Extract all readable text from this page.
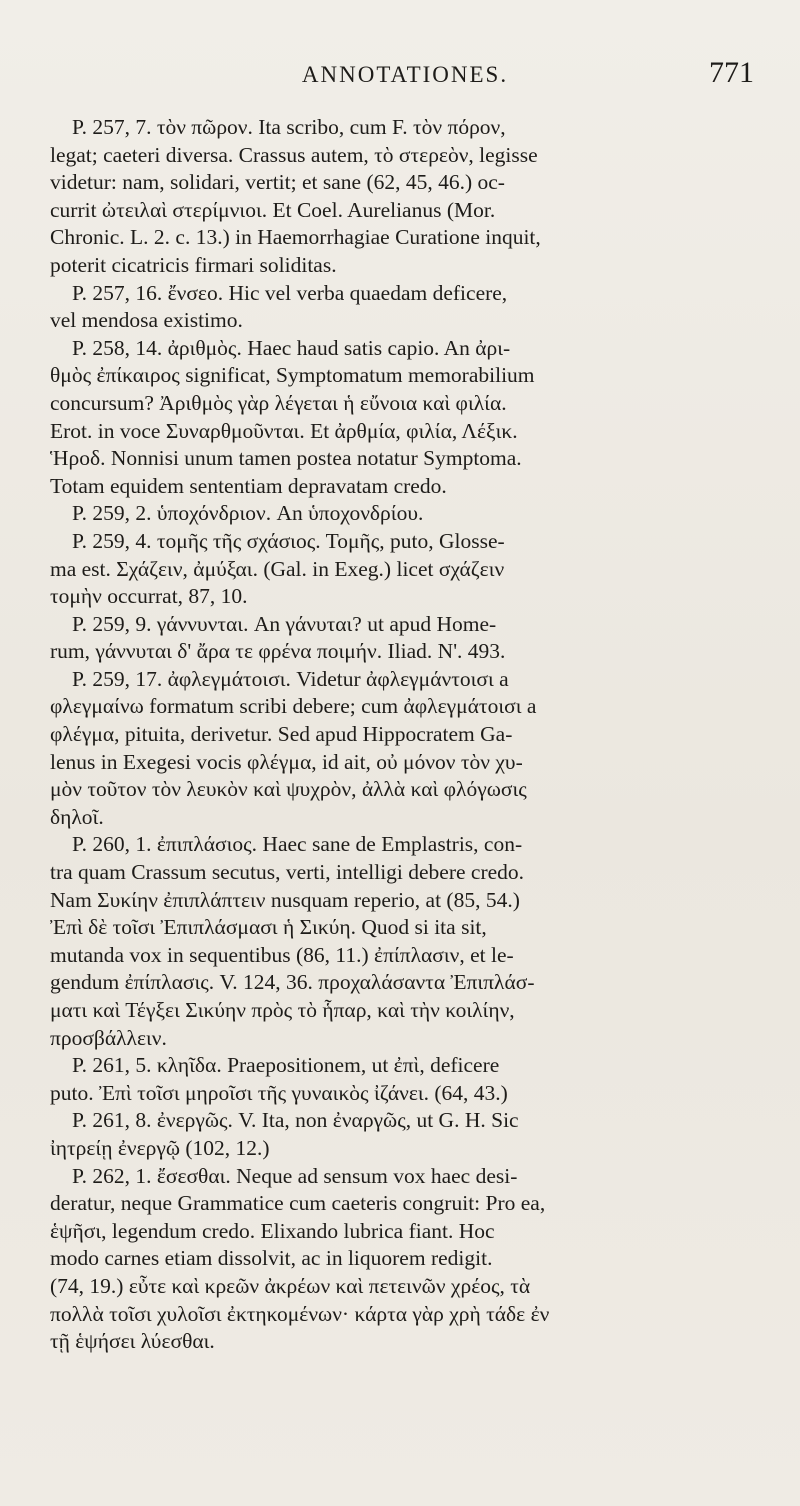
ANNOTATIONES.	771
P. 257, 7. τὸν πῶρον. Ita scribo, cum F. τὸν πόρον,
legat; caeteri diversa. Crassus autem, τὸ στερεὸν, legisse
videtur: nam, solidari, vertit; et sane (62, 45, 46.) oc-
currit ὠτειλαὶ στερίμνιοι. Et Coel. Aurelianus (Mor.
Chronic. L. 2. c. 13.) in Haemorrhagiae Curatione inquit,
poterit cicatricis firmari soliditas.
P. 257, 16. ἔνσεο. Hic vel verba quaedam deficere,
vel mendosa existimo.
P. 258, 14. ἀριθμὸς. Haec haud satis capio. An ἀρι-
θμὸς ἐπίκαιρος significat, Symptomatum memorabilium
concursum? Ἀριθμὸς γὰρ λέγεται ἡ εὔνοια καὶ φιλία.
Erot. in voce Συναρθμοῦνται. Et ἀρθμία, φιλία, Λέξικ.
Ἡροδ. Nonnisi unum tamen postea notatur Symptoma.
Totam equidem sententiam depravatam credo.
P. 259, 2. ὑποχόνδριον. An ὑποχονδρίου.
P. 259, 4. τομῆς τῆς σχάσιος. Τομῆς, puto, Glosse-
ma est. Σχάζειν, ἀμύξαι. (Gal. in Exeg.) licet σχάζειν
τομὴν occurrat, 87, 10.
P. 259, 9. γάννυνται. An γάνυται? ut apud Home-
rum, γάννυται δ' ἄρα τε φρένα ποιμήν. Iliad. Ν'. 493.
P. 259, 17. ἀφλεγμάτοισι. Videtur ἀφλεγμάντοισι a
φλεγμαίνω formatum scribi debere; cum ἀφλεγμάτοισι a
φλέγμα, pituita, derivetur. Sed apud Hippocratem Ga-
lenus in Exegesi vocis φλέγμα, id ait, οὐ μόνον τὸν χυ-
μὸν τοῦτον τὸν λευκὸν καὶ ψυχρὸν, ἀλλὰ καὶ φλόγωσις
δηλοῖ.
P. 260, 1. ἐπιπλάσιος. Haec sane de Emplastris, con-
tra quam Crassum secutus, verti, intelligi debere credo.
Nam Συκίην ἐπιπλάπτειν nusquam reperio, at (85, 54.)
Ἐπὶ δὲ τοῖσι Ἐπιπλάσμασι ἡ Σικύη. Quod si ita sit,
mutanda vox in sequentibus (86, 11.) ἐπίπλασιν, et le-
gendum ἐπίπλασις. V. 124, 36. προχαλάσαντα Ἐπιπλάσ-
ματι καὶ Τέγξει Σικύην πρὸς τὸ ἧπαρ, καὶ τὴν κοιλίην,
προσβάλλειν.
P. 261, 5. κληῖδα. Praepositionem, ut ἐπὶ, deficere
puto. Ἐπὶ τοῖσι μηροῖσι τῆς γυναικὸς ἰζάνει. (64, 43.)
P. 261, 8. ἐνεργῶς. V. Ita, non ἐναργῶς, ut G. H. Sic
ἰητρείῃ ἐνεργῷ (102, 12.)
P. 262, 1. ἔσεσθαι. Neque ad sensum vox haec desi-
deratur, neque Grammatice cum caeteris congruit: Pro ea,
ἑψῆσι, legendum credo. Elixando lubrica fiant. Hoc
modo carnes etiam dissolvit, ac in liquorem redigit.
(74, 19.) εὖτε καὶ κρεῶν ἀκρέων καὶ πετεινῶν χρέος, τὰ
πολλὰ τοῖσι χυλοῖσι ἐκτηκομένων· κάρτα γὰρ χρὴ τάδε ἐν
τῇ ἑψήσει λύεσθαι.
